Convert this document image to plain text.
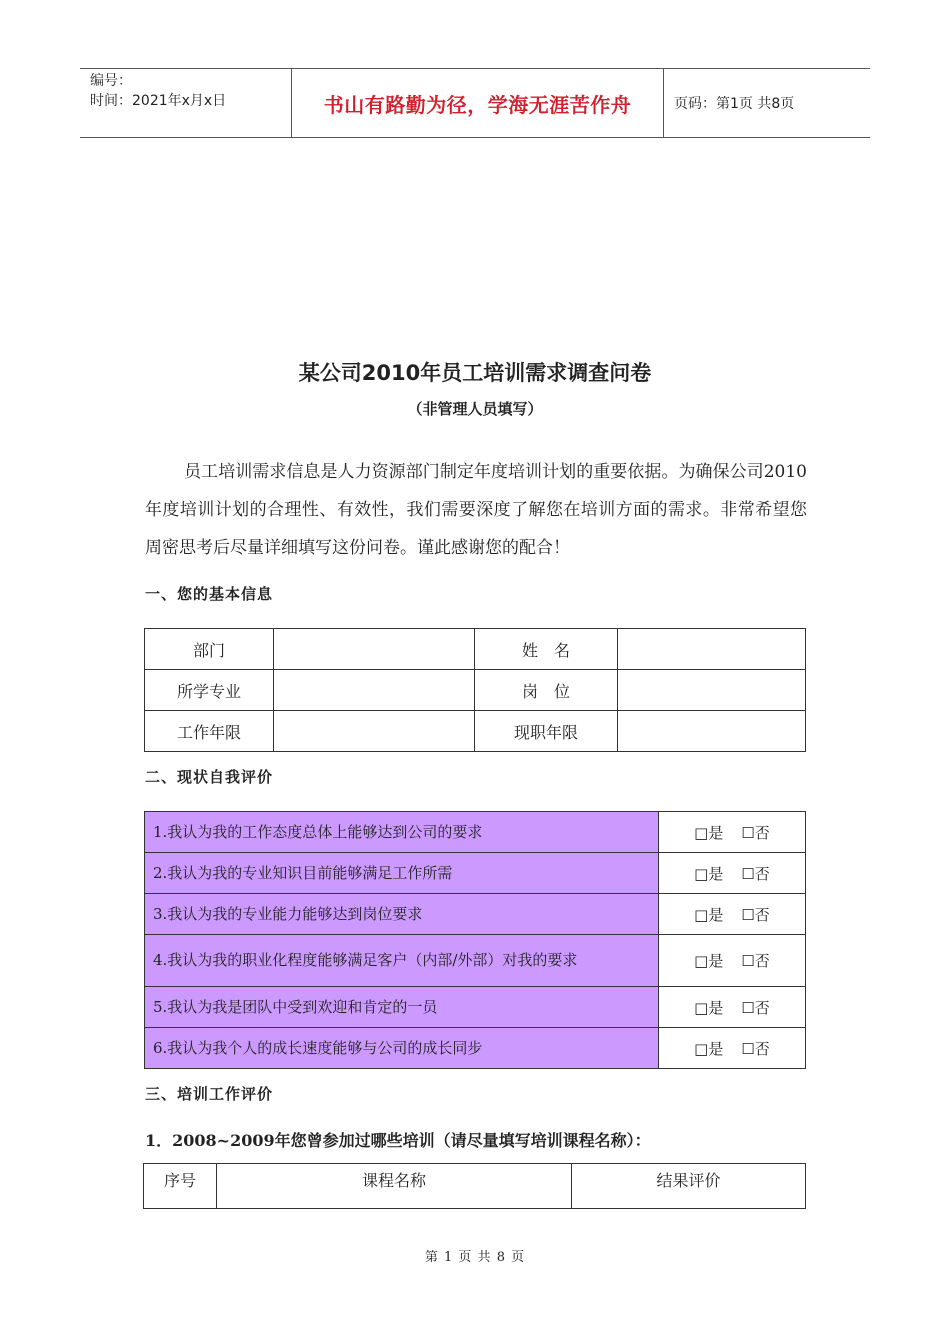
编号：
时间：2021年x月x日	书山有路勤为径，学海无涯苦作舟	页码：第1页 共8页
某公司2010年员工培训需求调查问卷
（非管理人员填写）

员工培训需求信息是人力资源部门制定年度培训计划的重要依据。为确保公司2010年度培训计划的合理性、有效性，我们需要深度了解您在培训方面的需求。非常希望您周密思考后尽量详细填写这份问卷。谨此感谢您的配合！

一、您的基本信息
部门		姓　名	
所学专业		岗　位	
工作年限		现职年限	
二、现状自我评价
1.我认为我的工作态度总体上能够达到公司的要求	□是 ☐否
2.我认为我的专业知识目前能够满足工作所需	□是 ☐否
3.我认为我的专业能力能够达到岗位要求	□是 ☐否
4.我认为我的职业化程度能够满足客户（内部/外部）对我的要求	□是 ☐否
5.我认为我是团队中受到欢迎和肯定的一员	□是 ☐否
6.我认为我个人的成长速度能够与公司的成长同步	□是 ☐否
三、培训工作评价
1．2008~2009年您曾参加过哪些培训（请尽量填写培训课程名称）：
序号	课程名称	结果评价
第 1 页 共 8 页
